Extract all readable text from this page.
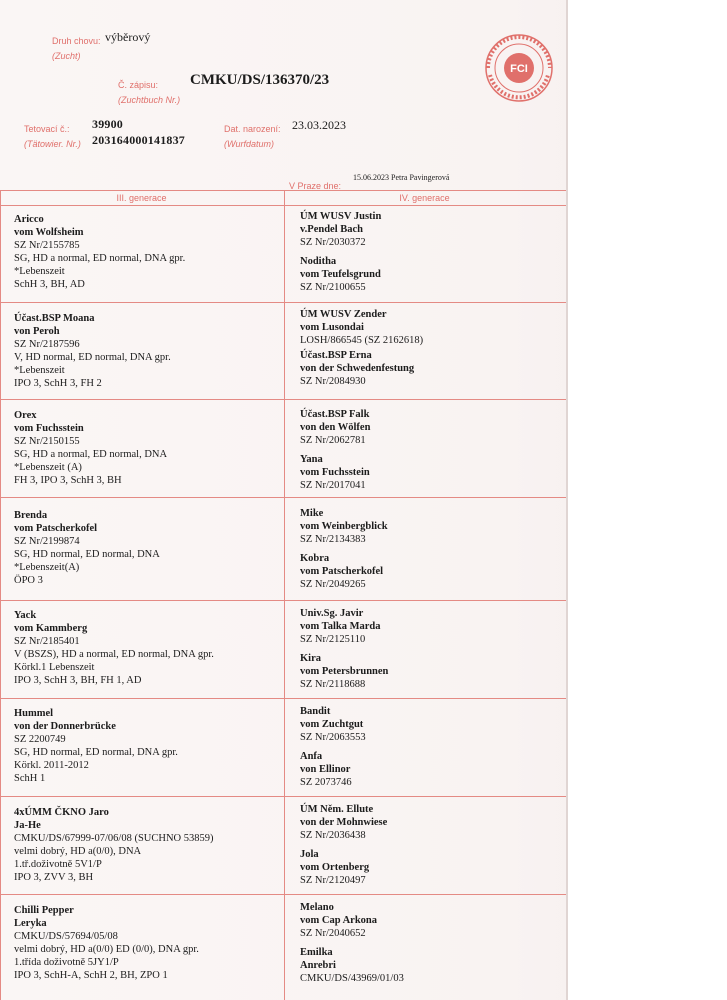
Druh chovu:
(Zucht)
výběrový
Č. zápisu:
(Zuchtbuch Nr.)
CMKU/DS/136370/23
Tetovací č.:
(Tätowier. Nr.)
39900
203164000141837
Dat. narození:
(Wurfdatum)
23.03.2023
V Praze dne:
15.06.2023 Petra Pavingerová
FCI
III. generace	IV. generace
Aricco
vom Wolfsheim
SZ Nr/2155785
SG, HD a normal, ED normal, DNA gpr.
*Lebenszeit
SchH 3, BH, AD
ÚM WUSV Justin
v.Pendel Bach
SZ Nr/2030372
Noditha
vom Teufelsgrund
SZ Nr/2100655
Účast.BSP Moana
von Peroh
SZ Nr/2187596
V, HD normal, ED normal, DNA gpr.
*Lebenszeit
IPO 3, SchH 3, FH 2
ÚM WUSV Zender
vom Lusondai
LOSH/866545 (SZ 2162618)
Účast.BSP Erna
von der Schwedenfestung
SZ Nr/2084930
Orex
vom Fuchsstein
SZ Nr/2150155
SG, HD a normal, ED normal, DNA
*Lebenszeit (A)
FH 3, IPO 3, SchH 3, BH
Účast.BSP Falk
von den Wölfen
SZ Nr/2062781
Yana
vom Fuchsstein
SZ Nr/2017041
Brenda
vom Patscherkofel
SZ Nr/2199874
SG, HD normal, ED normal, DNA
*Lebenszeit(A)
ÖPO 3
Mike
vom Weinbergblick
SZ Nr/2134383
Kobra
vom Patscherkofel
SZ Nr/2049265
Yack
vom Kammberg
SZ Nr/2185401
V (BSZS), HD a normal, ED normal, DNA gpr.
Körkl.1 Lebenszeit
IPO 3, SchH 3, BH, FH 1, AD
Univ.Sg. Javir
vom Talka Marda
SZ Nr/2125110
Kira
vom Petersbrunnen
SZ Nr/2118688
Hummel
von der Donnerbrücke
SZ 2200749
SG, HD normal, ED normal, DNA gpr.
Körkl. 2011-2012
SchH 1
Bandit
vom Zuchtgut
SZ Nr/2063553
Anfa
von Ellinor
SZ 2073746
4xÚMM ČKNO Jaro
Ja-He
CMKU/DS/67999-07/06/08 (SUCHNO 53859)
velmi dobrý, HD a(0/0), DNA
1.tř.doživotně 5V1/P
IPO 3, ZVV 3, BH
ÚM Něm. Ellute
von der Mohnwiese
SZ Nr/2036438
Jola
vom Ortenberg
SZ Nr/2120497
Chilli Pepper
Leryka
CMKU/DS/57694/05/08
velmi dobrý, HD a(0/0) ED (0/0), DNA gpr.
1.třída doživotně 5JY1/P
IPO 3, SchH-A, SchH 2, BH, ZPO 1
Melano
vom Cap Arkona
SZ Nr/2040652
Emilka
Anrebri
CMKU/DS/43969/01/03
